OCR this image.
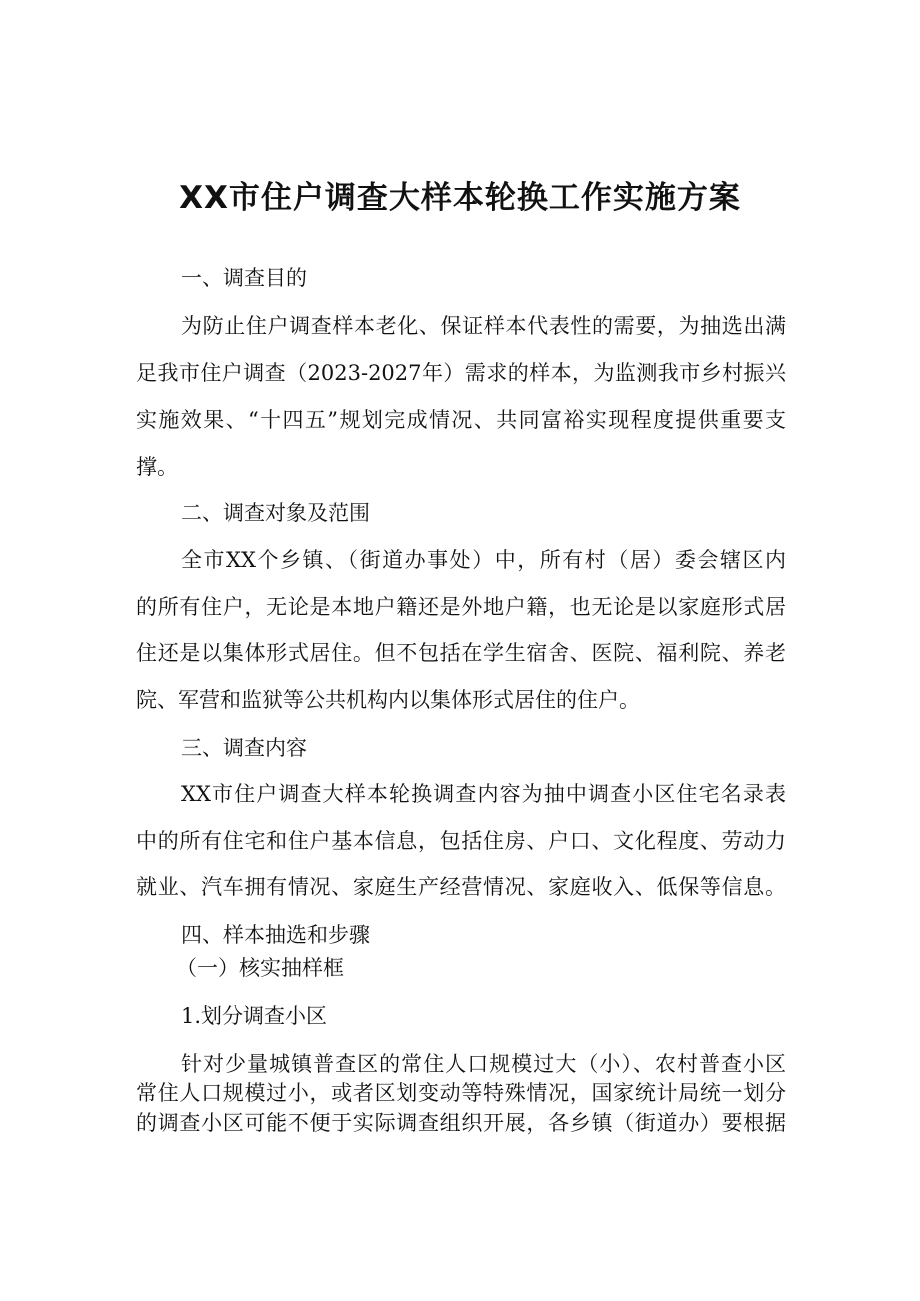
XX市住户调查大样本轮换工作实施方案
一、调查目的
为防止住户调查样本老化、保证样本代表性的需要，为抽选出满
足我市住户调查（2023-2027年）需求的样本，为监测我市乡村振兴
实施效果、“十四五”规划完成情况、共同富裕实现程度提供重要支
撑。
二、调查对象及范围
全市XX个乡镇、（街道办事处）中，所有村（居）委会辖区内
的所有住户，无论是本地户籍还是外地户籍，也无论是以家庭形式居
住还是以集体形式居住。但不包括在学生宿舍、医院、福利院、养老
院、军营和监狱等公共机构内以集体形式居住的住户。
三、调查内容
XX市住户调查大样本轮换调查内容为抽中调查小区住宅名录表
中的所有住宅和住户基本信息，包括住房、户口、文化程度、劳动力
就业、汽车拥有情况、家庭生产经营情况、家庭收入、低保等信息。
四、样本抽选和步骤
（一）核实抽样框
1.划分调查小区
针对少量城镇普查区的常住人口规模过大（小）、农村普查小区
常住人口规模过小，或者区划变动等特殊情况，国家统计局统一划分
的调查小区可能不便于实际调查组织开展，各乡镇（街道办）要根据
